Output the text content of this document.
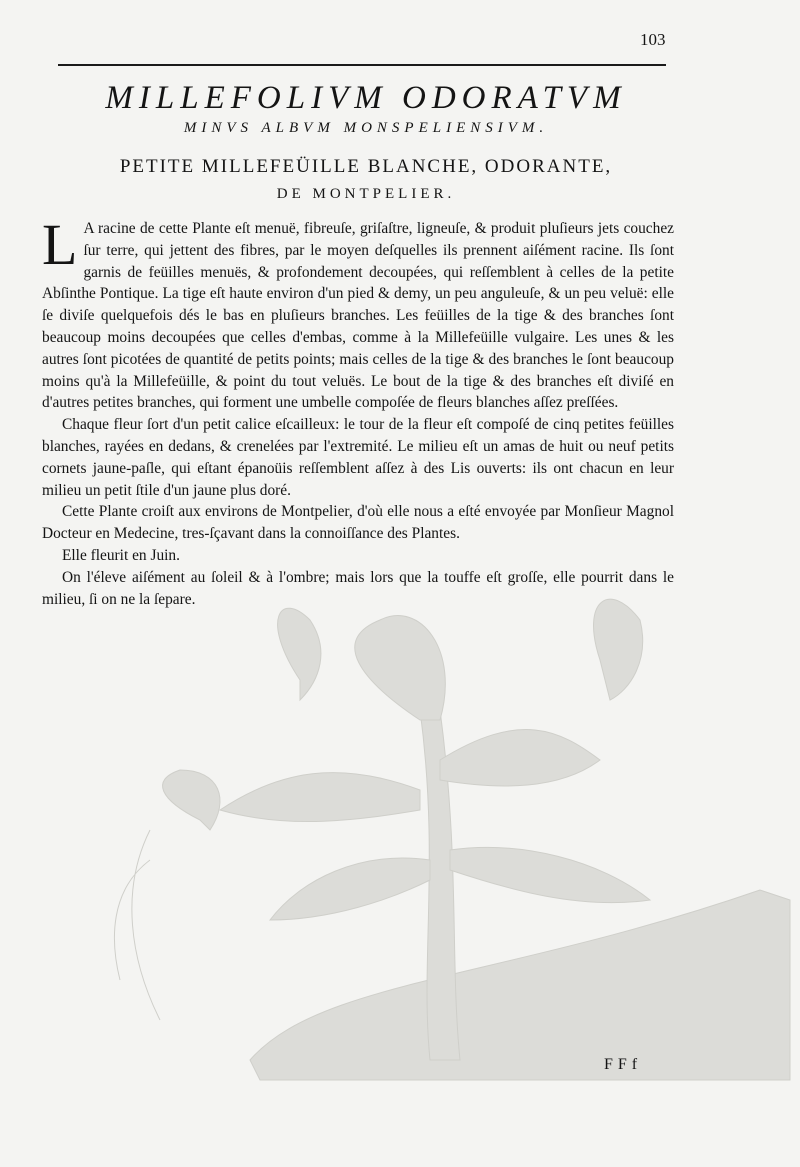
103
MILLEFOLIVM ODORATVM
MINVS ALBVM MONSPELIENSIVM.
PETITE MILLEFEÜILLE BLANCHE, ODORANTE,
DE MONTPELIER.

L A racine de cette Plante eſt menuë, fibreuſe, griſaſtre, ligneuſe, & produit pluſieurs jets couchez ſur terre, qui jettent des fibres, par le moyen deſquelles ils prennent aiſément racine. Ils ſont garnis de feüilles menuës, & profondement decoupées, qui reſſemblent à celles de la petite Abſinthe Pontique. La tige eſt haute environ d'un pied & demy, un peu anguleuſe, & un peu veluë: elle ſe diviſe quelquefois dés le bas en pluſieurs branches. Les feüilles de la tige & des branches ſont beaucoup moins decoupées que celles d'embas, comme à la Millefeüille vulgaire. Les unes & les autres ſont picotées de quantité de petits points; mais celles de la tige & des branches le ſont beaucoup moins qu'à la Millefeüille, & point du tout veluës. Le bout de la tige & des branches eſt diviſé en d'autres petites branches, qui forment une umbelle compoſée de fleurs blanches aſſez preſſées.

Chaque fleur ſort d'un petit calice eſcailleux: le tour de la fleur eſt compoſé de cinq petites feüilles blanches, rayées en dedans, & crenelées par l'extremité. Le milieu eſt un amas de huit ou neuf petits cornets jaune-paſle, qui eſtant épanoüis reſſemblent aſſez à des Lis ouverts: ils ont chacun en leur milieu un petit ſtile d'un jaune plus doré.

Cette Plante croiſt aux environs de Montpelier, d'où elle nous a eſté envoyée par Monſieur Magnol Docteur en Medecine, tres-ſçavant dans la connoiſſance des Plantes.

Elle fleurit en Juin.

On l'éleve aiſément au ſoleil & à l'ombre; mais lors que la touffe eſt groſſe, elle pourrit dans le milieu, ſi on ne la ſepare.

FFf
